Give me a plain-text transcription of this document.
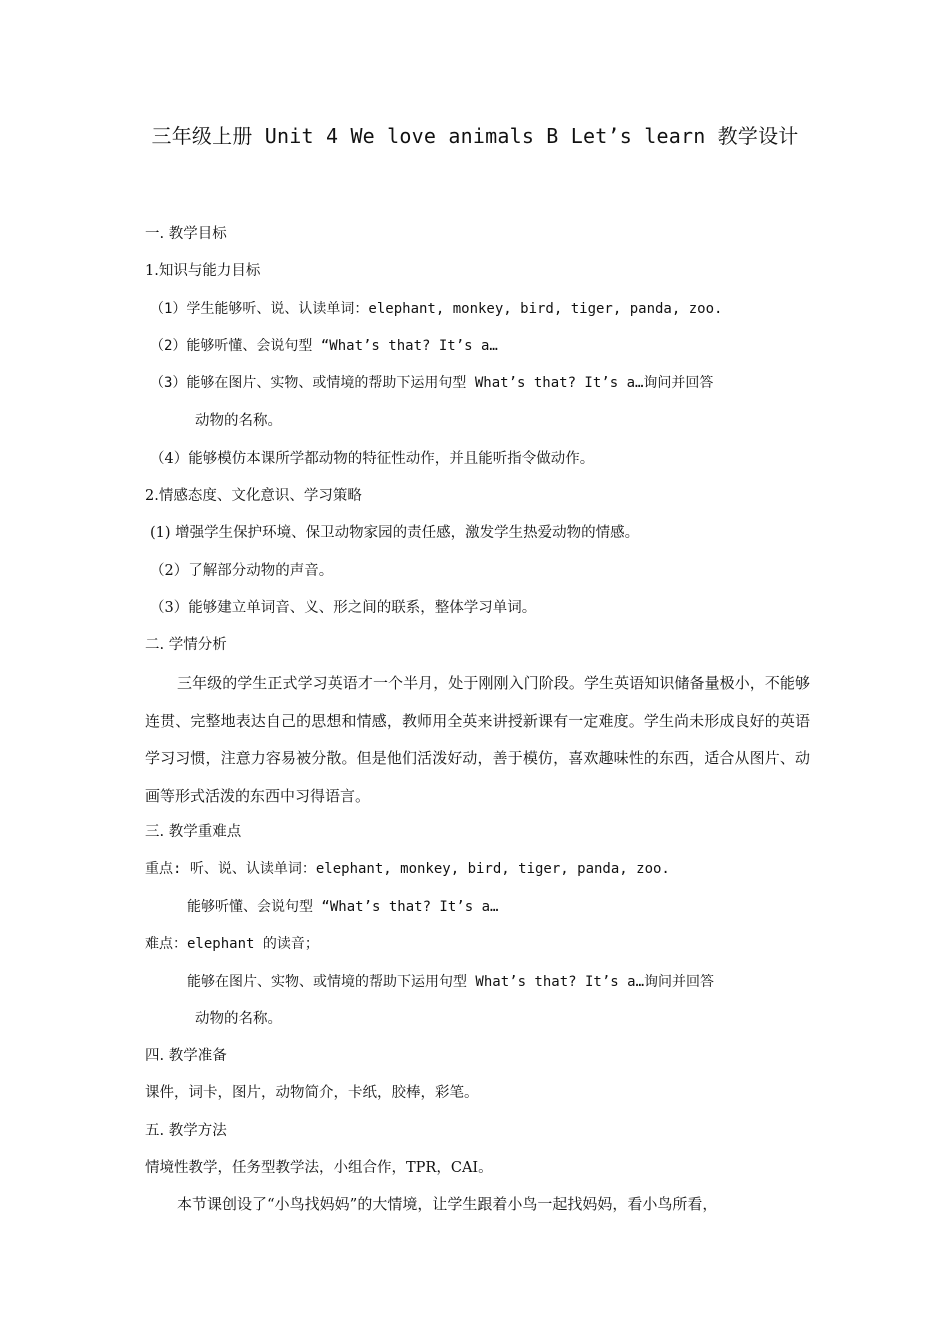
三年级上册 Unit 4 We love animals B Let’s learn 教学设计
一. 教学目标
1.知识与能力目标
（1）学生能够听、说、认读单词：elephant, monkey, bird, tiger, panda, zoo.
（2）能够听懂、会说句型 “What’s that? It’s a…
（3）能够在图片、实物、或情境的帮助下运用句型 What’s that? It’s a…询问并回答
动物的名称。
（4）能够模仿本课所学都动物的特征性动作，并且能听指令做动作。
2.情感态度、文化意识、学习策略
(1) 增强学生保护环境、保卫动物家园的责任感，激发学生热爱动物的情感。
（2）了解部分动物的声音。
（3）能够建立单词音、义、形之间的联系，整体学习单词。
二. 学情分析
三年级的学生正式学习英语才一个半月，处于刚刚入门阶段。学生英语知识储备量极小，不能够连贯、完整地表达自己的思想和情感，教师用全英来讲授新课有一定难度。学生尚未形成良好的英语学习习惯，注意力容易被分散。但是他们活泼好动，善于模仿，喜欢趣味性的东西，适合从图片、动画等形式活泼的东西中习得语言。
三. 教学重难点
重点: 听、说、认读单词：elephant, monkey, bird, tiger, panda, zoo.
能够听懂、会说句型 “What’s that? It’s a…
难点：elephant 的读音；
能够在图片、实物、或情境的帮助下运用句型 What’s that? It’s a…询问并回答
动物的名称。
四. 教学准备
课件，词卡，图片，动物简介，卡纸，胶棒，彩笔。
五. 教学方法
情境性教学，任务型教学法，小组合作，TPR，CAI。
本节课创设了“小鸟找妈妈”的大情境，让学生跟着小鸟一起找妈妈，看小鸟所看，
